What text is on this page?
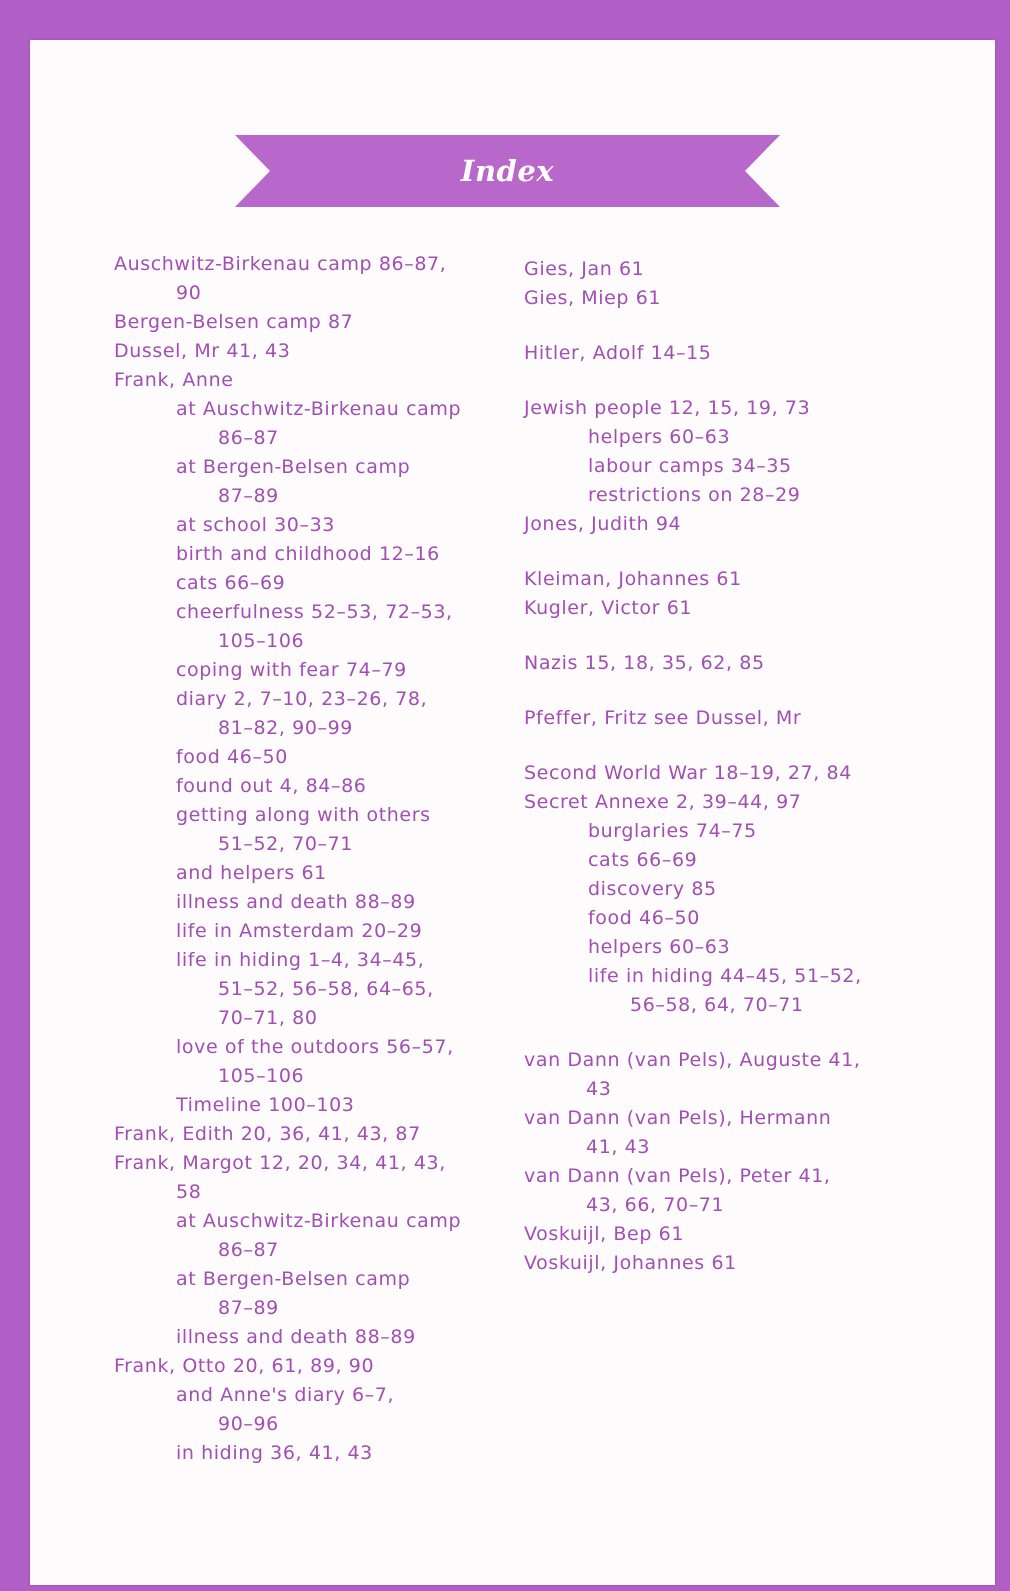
Index
Auschwitz-Birkenau camp 86–87,
90
Bergen-Belsen camp 87
Dussel, Mr 41, 43
Frank, Anne
at Auschwitz-Birkenau camp
86–87
at Bergen-Belsen camp
87–89
at school 30–33
birth and childhood 12–16
cats 66–69
cheerfulness 52–53, 72–53,
105–106
coping with fear 74–79
diary 2, 7–10, 23–26, 78,
81–82, 90–99
food 46–50
found out 4, 84–86
getting along with others
51–52, 70–71
and helpers 61
illness and death 88–89
life in Amsterdam 20–29
life in hiding 1–4, 34–45,
51–52, 56–58, 64–65,
70–71, 80
love of the outdoors 56–57,
105–106
Timeline 100–103
Frank, Edith 20, 36, 41, 43, 87
Frank, Margot 12, 20, 34, 41, 43,
58
at Auschwitz-Birkenau camp
86–87
at Bergen-Belsen camp
87–89
illness and death 88–89
Frank, Otto 20, 61, 89, 90
and Anne's diary 6–7,
90–96
in hiding 36, 41, 43
Gies, Jan 61
Gies, Miep 61
Hitler, Adolf 14–15
Jewish people 12, 15, 19, 73
helpers 60–63
labour camps 34–35
restrictions on 28–29
Jones, Judith 94
Kleiman, Johannes 61
Kugler, Victor 61
Nazis 15, 18, 35, 62, 85
Pfeffer, Fritz see Dussel, Mr
Second World War 18–19, 27, 84
Secret Annexe 2, 39–44, 97
burglaries 74–75
cats 66–69
discovery 85
food 46–50
helpers 60–63
life in hiding 44–45, 51–52,
56–58, 64, 70–71
van Dann (van Pels), Auguste 41,
43
van Dann (van Pels), Hermann
41, 43
van Dann (van Pels), Peter 41,
43, 66, 70–71
Voskuijl, Bep 61
Voskuijl, Johannes 61
